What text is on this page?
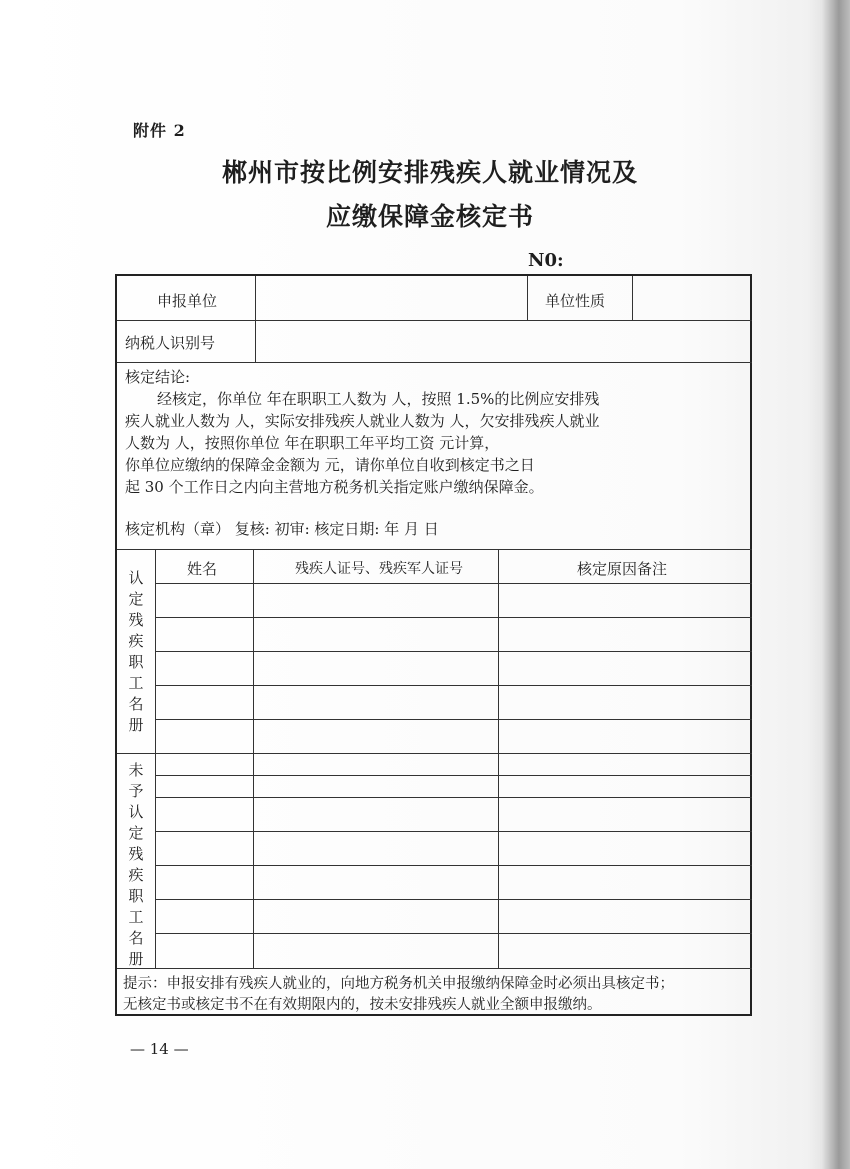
附件 2
郴州市按比例安排残疾人就业情况及
应缴保障金核定书
N0:
申报单位	单位性质
纳税人识别号
核定结论:
经核定，你单位 年在职职工人数为 人，按照 1.5%的比例应安排残
疾人就业人数为 人，实际安排残疾人就业人数为 人，欠安排残疾人就业
人数为 人，按照你单位 年在职职工年平均工资 元计算，
你单位应缴纳的保障金金额为 元，请你单位自收到核定书之日
起 30 个工作日之内向主营地方税务机关指定账户缴纳保障金。
核定机构（章） 复核: 初审: 核定日期: 年 月 日
姓名	残疾人证号、残疾军人证号	核定原因备注
认定残疾职工名册
未予认定残疾职工名册
提示：申报安排有残疾人就业的，向地方税务机关申报缴纳保障金时必须出具核定书；
无核定书或核定书不在有效期限内的，按未安排残疾人就业全额申报缴纳。
— 14 —
